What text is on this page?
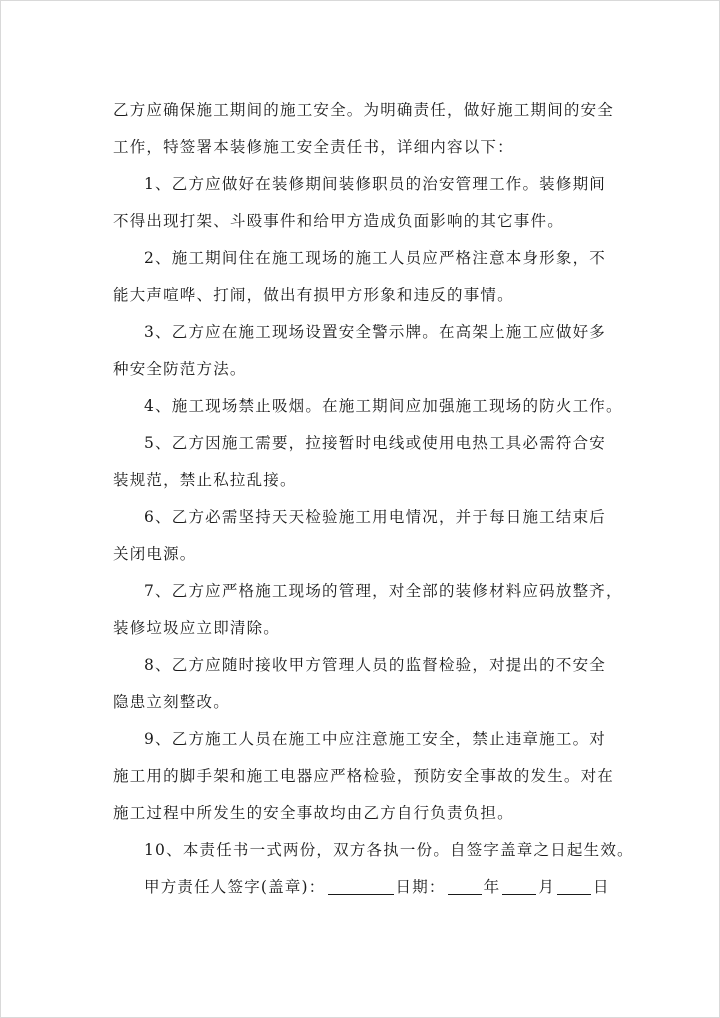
乙方应确保施工期间的施工安全。为明确责任，做好施工期间的安全
工作，特签署本装修施工安全责任书，详细内容以下：

1、乙方应做好在装修期间装修职员的治安管理工作。装修期间
不得出现打架、斗殴事件和给甲方造成负面影响的其它事件。

2、施工期间住在施工现场的施工人员应严格注意本身形象，不
能大声喧哗、打闹，做出有损甲方形象和违反的事情。

3、乙方应在施工现场设置安全警示牌。在高架上施工应做好多
种安全防范方法。

4、施工现场禁止吸烟。在施工期间应加强施工现场的防火工作。

5、乙方因施工需要，拉接暂时电线或使用电热工具必需符合安
装规范，禁止私拉乱接。

6、乙方必需坚持天天检验施工用电情况，并于每日施工结束后
关闭电源。

7、乙方应严格施工现场的管理，对全部的装修材料应码放整齐，
装修垃圾应立即清除。

8、乙方应随时接收甲方管理人员的监督检验，对提出的不安全
隐患立刻整改。

9、乙方施工人员在施工中应注意施工安全，禁止违章施工。对
施工用的脚手架和施工电器应严格检验，预防安全事故的发生。对在
施工过程中所发生的安全事故均由乙方自行负责负担。

10、本责任书一式两份，双方各执一份。自签字盖章之日起生效。

甲方责任人签字(盖章)：	日期： 年 月 日
